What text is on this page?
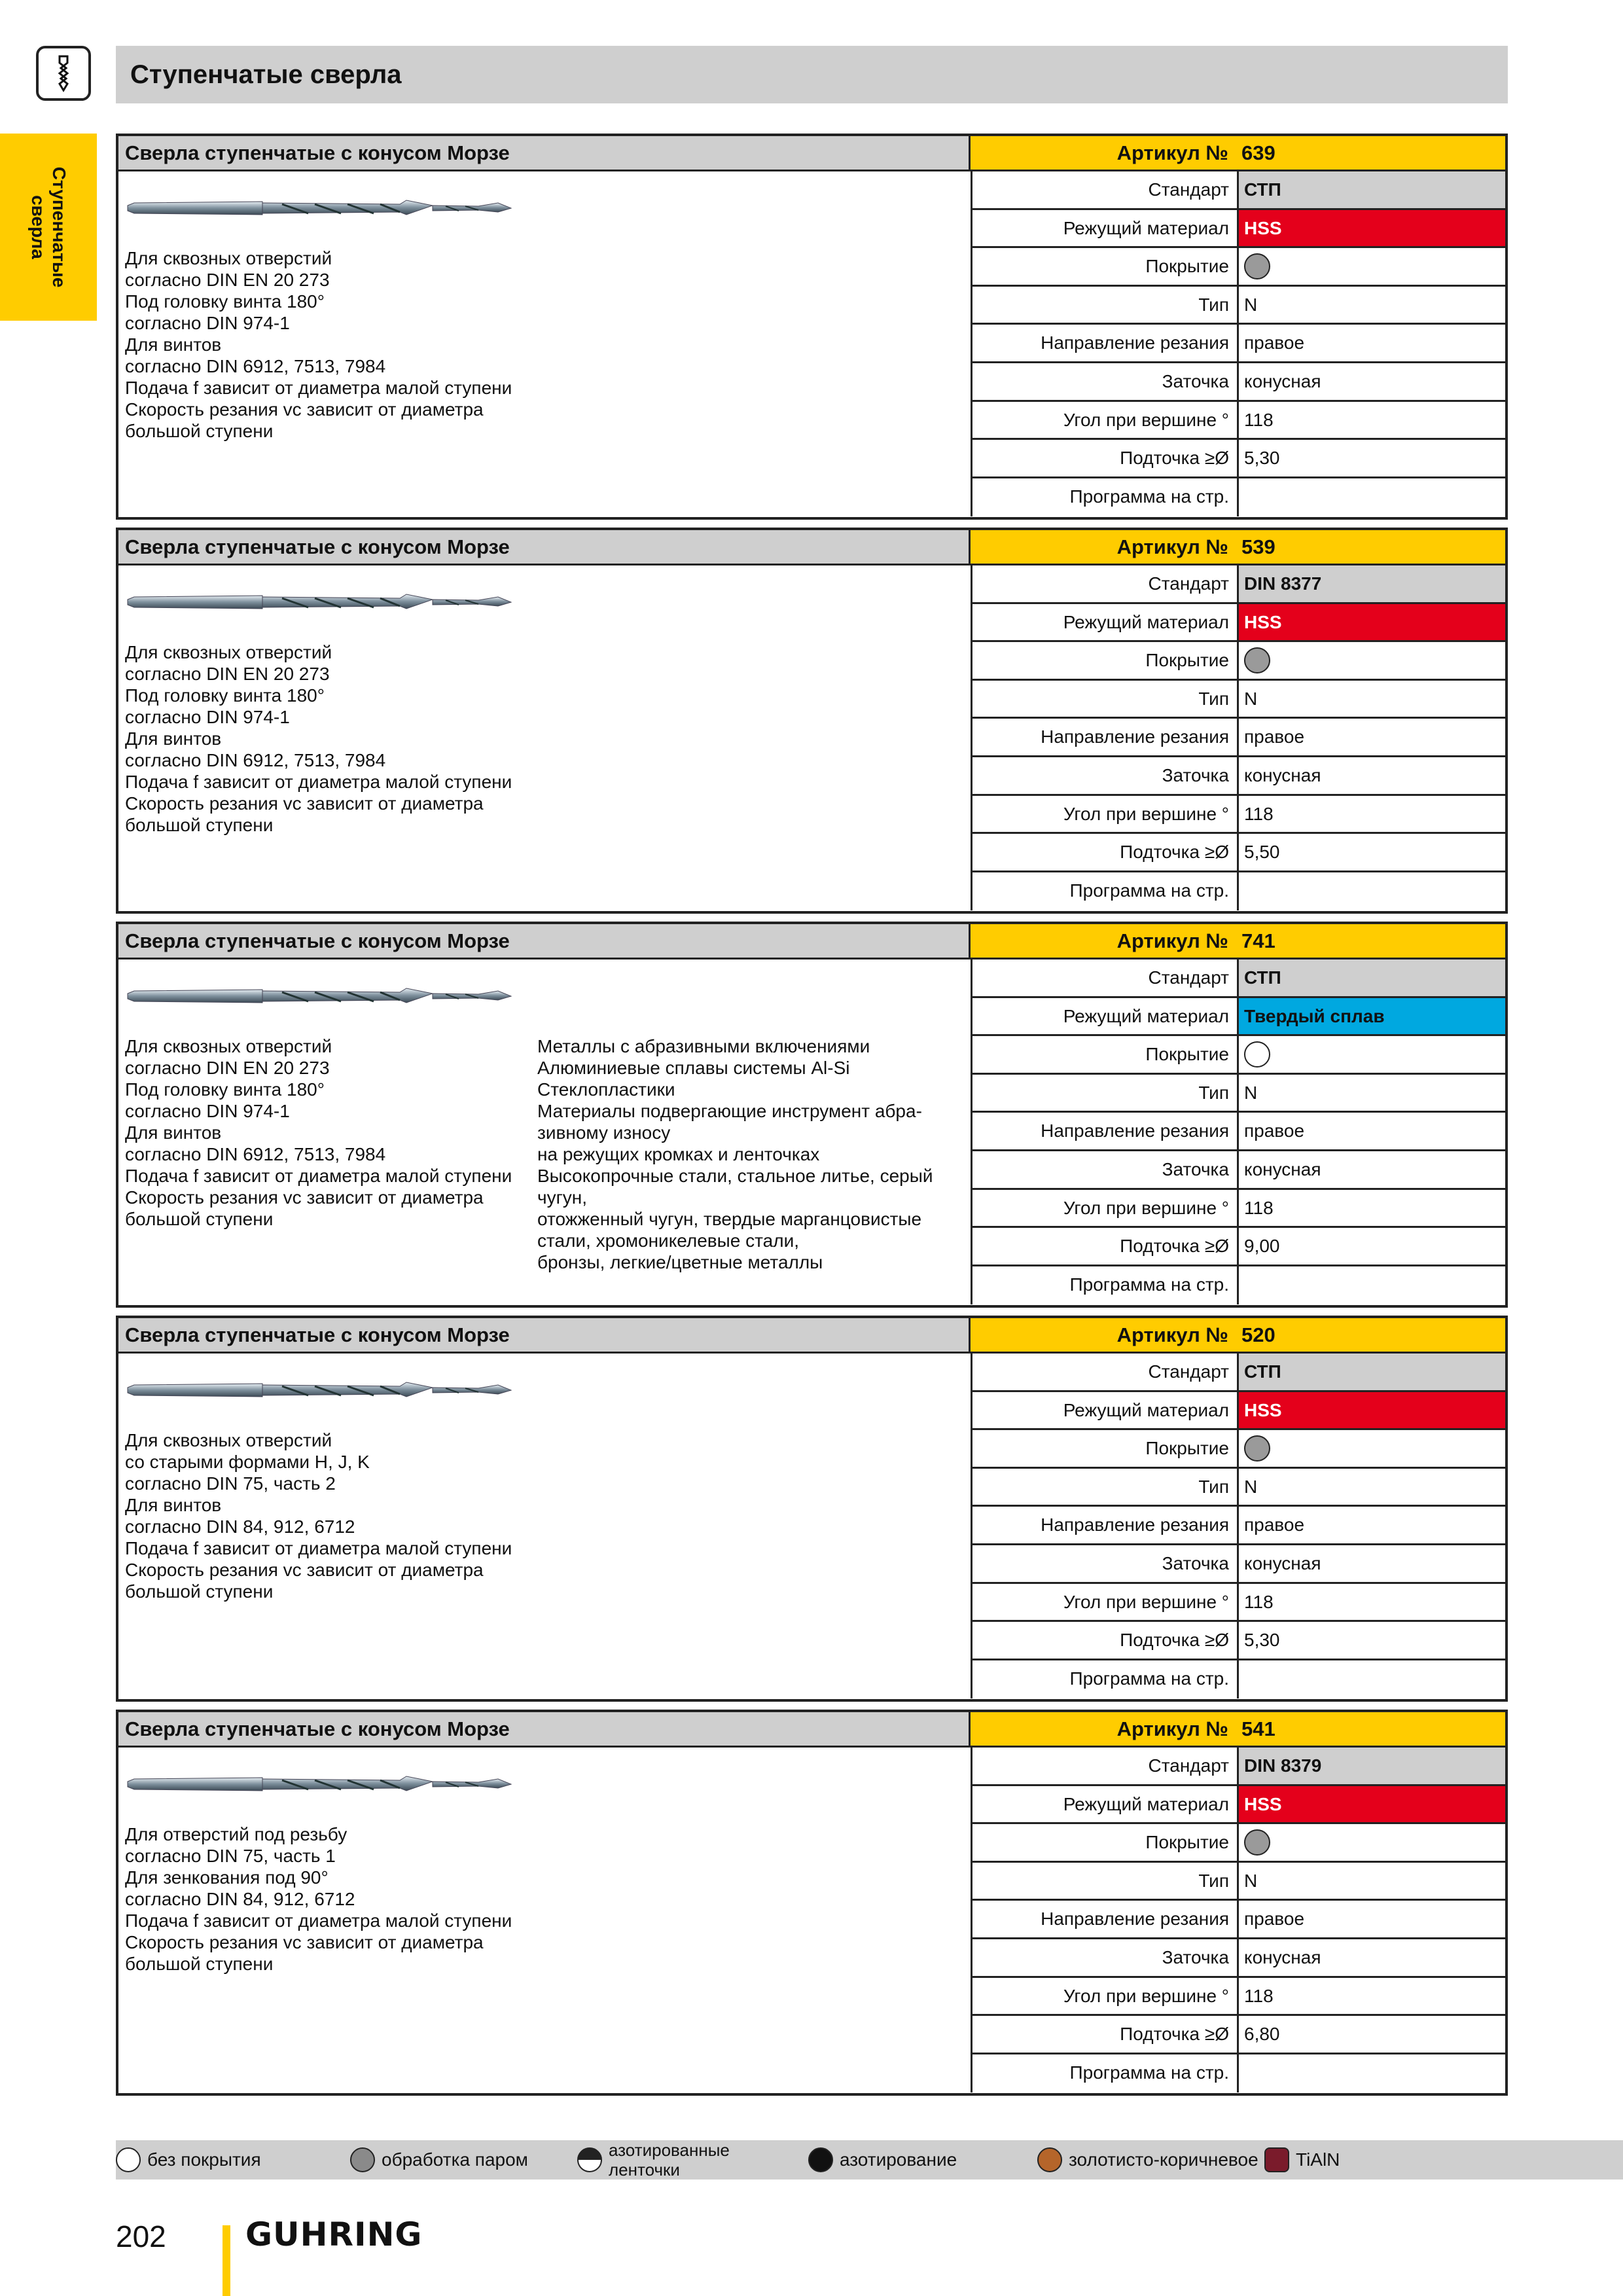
Ступенчатые сверла
Ступенчатые
сверла
Сверла ступенчатые с конусом Морзе	Артикул № 639
Для сквозных отверстий
согласно DIN EN 20 273
Под головку винта 180°
согласно DIN 974-1
Для винтов
согласно DIN 6912, 7513, 7984
Подача f зависит от диаметра малой ступени
Скорость резания vc зависит от диаметра
большой ступени
Стандарт СТП
Режущий материал HSS
Покрытие
Тип N
Направление резания правое
Заточка конусная
Угол при вершине ° 118
Подточка ≥Ø 5,30
Программа на стр.
Сверла ступенчатые с конусом Морзе	Артикул № 539
Для сквозных отверстий
согласно DIN EN 20 273
Под головку винта 180°
согласно DIN 974-1
Для винтов
согласно DIN 6912, 7513, 7984
Подача f зависит от диаметра малой ступени
Скорость резания vc зависит от диаметра
большой ступени
Стандарт DIN 8377
Режущий материал HSS
Покрытие
Тип N
Направление резания правое
Заточка конусная
Угол при вершине ° 118
Подточка ≥Ø 5,50
Программа на стр.
Сверла ступенчатые с конусом Морзе	Артикул № 741
Для сквозных отверстий
согласно DIN EN 20 273
Под головку винта 180°
согласно DIN 974-1
Для винтов
согласно DIN 6912, 7513, 7984
Подача f зависит от диаметра малой ступени
Скорость резания vc зависит от диаметра
большой ступени
Металлы с абразивными включениями
Алюминиевые сплавы системы Al-Si
Стеклопластики
Материалы подвергающие инструмент абра-
зивному износу
на режущих кромках и ленточках
Высокопрочные стали, стальное литье, серый
чугун,
отожженный чугун, твердые марганцовистые
стали, хромоникелевые стали,
бронзы, легкие/цветные металлы
Стандарт СТП
Режущий материал Твердый сплав
Покрытие
Тип N
Направление резания правое
Заточка конусная
Угол при вершине ° 118
Подточка ≥Ø 9,00
Программа на стр.
Сверла ступенчатые с конусом Морзе	Артикул № 520
Для сквозных отверстий
со старыми формами H, J, K
согласно DIN 75, часть 2
Для винтов
согласно DIN 84, 912, 6712
Подача f зависит от диаметра малой ступени
Скорость резания vc зависит от диаметра
большой ступени
Стандарт СТП
Режущий материал HSS
Покрытие
Тип N
Направление резания правое
Заточка конусная
Угол при вершине ° 118
Подточка ≥Ø 5,30
Программа на стр.
Сверла ступенчатые с конусом Морзе	Артикул № 541
Для отверстий под резьбу
согласно DIN 75, часть 1
Для зенкования под 90°
согласно DIN 84, 912, 6712
Подача f зависит от диаметра малой ступени
Скорость резания vc зависит от диаметра
большой ступени
Стандарт DIN 8379
Режущий материал HSS
Покрытие
Тип N
Направление резания правое
Заточка конусная
Угол при вершине ° 118
Подточка ≥Ø 6,80
Программа на стр.
без покрытия	обработка паром	азотированные
ленточки	азотирование	золотисто-коричневое TiAlN
202 GUHRING
